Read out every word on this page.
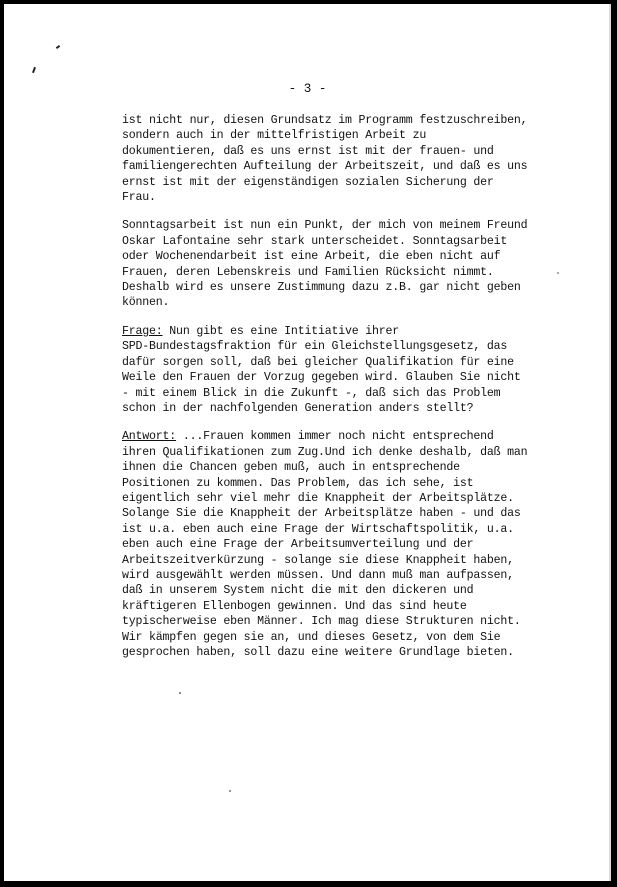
- 3 -

ist nicht nur, diesen Grundsatz im Programm festzuschreiben,
sondern auch in der mittelfristigen Arbeit zu
dokumentieren, daß es uns ernst ist mit der frauen- und
familiengerechten Aufteilung der Arbeitszeit, und daß es uns
ernst ist mit der eigenständigen sozialen Sicherung der
Frau.

Sonntagsarbeit ist nun ein Punkt, der mich von meinem Freund
Oskar Lafontaine sehr stark unterscheidet. Sonntagsarbeit
oder Wochenendarbeit ist eine Arbeit, die eben nicht auf
Frauen, deren Lebenskreis und Familien Rücksicht nimmt.
Deshalb wird es unsere Zustimmung dazu z.B. gar nicht geben
können.

Frage: Nun gibt es eine Intitiative ihrer
SPD-Bundestagsfraktion für ein Gleichstellungsgesetz, das
dafür sorgen soll, daß bei gleicher Qualifikation für eine
Weile den Frauen der Vorzug gegeben wird. Glauben Sie nicht
- mit einem Blick in die Zukunft -, daß sich das Problem
schon in der nachfolgenden Generation anders stellt?

Antwort: ...Frauen kommen immer noch nicht entsprechend
ihren Qualifikationen zum Zug.Und ich denke deshalb, daß man
ihnen die Chancen geben muß, auch in entsprechende
Positionen zu kommen. Das Problem, das ich sehe, ist
eigentlich sehr viel mehr die Knappheit der Arbeitsplätze.
Solange Sie die Knappheit der Arbeitsplätze haben - und das
ist u.a. eben auch eine Frage der Wirtschaftspolitik, u.a.
eben auch eine Frage der Arbeitsumverteilung und der
Arbeitszeitverkürzung - solange sie diese Knappheit haben,
wird ausgewählt werden müssen. Und dann muß man aufpassen,
daß in unserem System nicht die mit den dickeren und
kräftigeren Ellenbogen gewinnen. Und das sind heute
typischerweise eben Männer. Ich mag diese Strukturen nicht.
Wir kämpfen gegen sie an, und dieses Gesetz, von dem Sie
gesprochen haben, soll dazu eine weitere Grundlage bieten.
